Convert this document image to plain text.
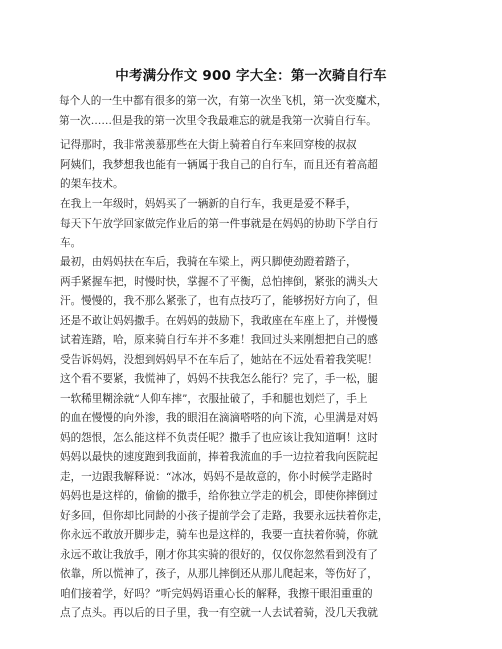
中考满分作文 900 字大全：第一次骑自行车
每个人的一生中都有很多的第一次，有第一次坐飞机，第一次变魔术，
第一次……但是我的第一次里令我最难忘的就是我第一次骑自行车。
记得那时，我非常羡慕那些在大街上骑着自行车来回穿梭的叔叔
阿姨们，我梦想我也能有一辆属于我自己的自行车，而且还有着高超
的架车技术。
在我上一年级时，妈妈买了一辆新的自行车，我更是爱不释手，
每天下午放学回家做完作业后的第一件事就是在妈妈的协助下学自行
车。
最初，由妈妈扶在车后，我骑在车梁上，两只脚使劲蹬着踏子，
两手紧握车把，时慢时快，掌握不了平衡，总怕摔倒，紧张的满头大
汗。慢慢的，我不那么紧张了，也有点技巧了，能够拐好方向了，但
还是不敢让妈妈撒手。在妈妈的鼓励下，我敢座在车座上了，并慢慢
试着连踏，哈，原来骑自行车并不多难！我回过头来刚想把自己的感
受告诉妈妈，没想到妈妈早不在车后了，她站在不远处看着我笑呢！
这个看不要紧，我慌神了，妈妈不扶我怎么能行？完了，手一松，腿
一软稀里糊涂就“人仰车摔”，衣服扯破了，手和腿也划烂了，手上
的血在慢慢的向外渗，我的眼泪在滴滴嗒嗒的向下流，心里满是对妈
妈的怨恨，怎么能这样不负责任呢？撒手了也应该让我知道啊！这时
妈妈以最快的速度跑到我面前，捧着我流血的手一边拉着我向医院起
走，一边跟我解释说：“冰冰，妈妈不是故意的，你小时候学走路时
妈妈也是这样的，偷偷的撒手，给你独立学走的机会，即使你摔倒过
好多回，但你却比同龄的小孩子提前学会了走路，我要永远扶着你走，
你永远不敢放开脚步走，骑车也是这样的，我要一直扶着你骑，你就
永远不敢让我放手，刚才你其实骑的很好的，仅仅你忽然看到没有了
依靠，所以慌神了，孩子，从那儿摔倒还从那儿爬起来，等伤好了，
咱们接着学，好吗？”听完妈妈语重心长的解释，我擦干眼泪重重的
点了点头。再以后的日子里，我一有空就一人去试着骑，没几天我就
